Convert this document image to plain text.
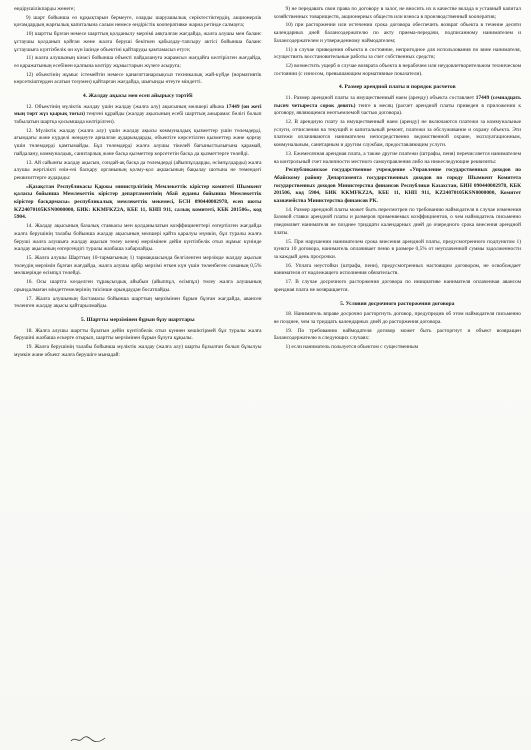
өндірушілікпарды жөнеге;

9) шарт бойынша өз құқықтарын бермеуге, оларды шаруашылық серіктестіктердің, акционерлік қоғамдардың жарғылық капиталына салым немесе өндірістік кооперативке жарна ретінде салмауға;

10) шартты бұзған немесе шарттың қолданылу мерзімі аяқталған жағдайда, жалға алушы мен баланс ұстаушы қолданып қойған жөне жалға беруші бекіткен қабылдау-тапсыру актісі бойынша баланс ұстаушыға күнтізбелік он күн ішінде объектіні қайтаруды қамтамасыз етуге;

11) жалға алушының кінәсі бойынша объекті пайдалануға жарамсыз жағдайға келтірілген жағдайда, өз қаражатының есебінен қалпына келтіру жұмыстарын жүзеге асыруға;

12) объектінің жұмыс істемейтін немесе қанағаттанарлықсыз техникалық жай-күйде (нормативтік көрсеткіштерден асатын тозумен) қайтарған жағдайда, шығынды өтеуге міндетті.

4. Жалдау ақысы мен есеп айырысу тәртібі

12. Объектінің мүліктік жалдау үшін жалдау (жалға алу) ақысының мөлшері айына 17449 (он жеті мың төрт жүз қырық тоғыз) теңгені құрайды (жалдау ақысының есебі шарттың ажырамас бөлігі болып табылатын шартқа қосымшада келтірілген).

12. Мүліктік жалдау (жалға алу) үшін жалдау ақысы коммуналдық қызметтер үшін төлемдерді, ағымдағы және күрделі жөндеуге арналған аударымдарды, объектіге көрсетілген қызметтер және қорғау үшін төлемдерді қамтымайды. Бұл төлемдерді жалға алушы тікелей бағыныстылығына қарамай, пайдалану, коммуналдық, санитарлық және басқа қызметтер көрсететін басқа да қызметтерге төлейді.

13. Ай сайынғы жалдау ақысын, сондай-ақ басқа да төлемдерді (айыппұлдарды, өсімпұлдарды) жалға алушы жергілікті өзін-өзі басқару органының қолму-қол ақшасының бақылау шотына не төмендегі реквизиттерге аударады:

«Қазақстан Республикасы Қаржы министрлігінің Мемлекеттік кірістер комитеті Шымкент қаласы бойынша Мемлекеттік кірістер департаментінің Абай ауданы бойынша Мемлекеттік кірістер басқармасы» республикалық мемлекеттік мекемесі, БСН 090440002978, есеп шоты KZ24070105KSN0000000, БИК: KKMFKZ2A, КБЕ 11, КНП 911, салық комитеті, КБК 201506», код 5904.

14. Жалдау ақысының базалық ставкасы мен қолданылатын коэффициенттері өзгертілген жағдайда жалға берушінің талабы бойынша жалдау ақысының мөлшері қайта қаралуы мүмкін, бұл туралы жалға беруші жалға алушыға жалдау ақысын төлеу кезеңі мерзімінен дейін күнтізбелік отыз жұмыс күнінде жалдау ақысының өзгергендігі туралы жазбаша хабарлайды.

15. Жалға алушы Шарттың 10-тармағының 1) тармақшасында белгіленген мерзімде жалдау ақысын төлеудің мерзімін бұзған жағдайда, жалға алушы әрбір мерзімі өткен күн үшін төленбеген соманың 0,5% мөлшерінде өсімпұл төлейді.

16. Осы шартта көзделген тұрақсыздық айыбын (айыппұл, өсімпұл) төлеу жалға алушының орындалмаған міндеттемелерінің тиісінше орындаудан босатпайды.

17. Жалға алушының бастамасы бойынша шарттың мерзімінен бұрын бұзған жағдайда, авансен төленген жалдау ақысы қайтарылмайды.

5. Шартты мерзімінен бұрын бұзу шарттары

18. Жалға алушы шартты бұзатын дейін күнтізбелік отыз күннен кешіктірмей бұл туралы жалға берушіні жазбаша ескерте отырып, шартты мерзімінен бұрын бұзуға құқылы.

19. Жалға берушінің талабы бойынша мүліктік жалдау (жалға алу) шарты бұзылған болып бұзылуы мүмкін және объект жалға берушіге мынадай:

9) не передавать свои права по договору в залог, не вносить их в качестве вклада в уставный капитал хозяйственных товариществ, акционерных обществ или взноса в производственный кооператив;

10) при расторжении или истечении срока договора обеспечить возврат объекта в течение десяти календарных дней балансодержателю по акту приема-передачи, подписанному нанимателем и балансодержателем и утвержденному наймодателем;

11) в случае приведения объекта в состояние, непригодное для использования по вине нанимателя, осуществить восстановительные работы за счет собственных средств;

12) возместить ущерб в случае возврата объекта в нерабочем или неудовлетворительном техническом состоянии (с износом, превышающим нормативные показатели).

4. Размер арендной платы и порядок расчетов

11. Размер арендной платы за имущественный наем (аренду) объекта составляет 17449 (семнадцать тысяч четыреста сорок девять) тенге в месяц (расчет арендной платы приведен в приложении к договору, являющемся неотъемлемой частью договора).

12. В арендную плату за имущественный наем (аренду) не включаются платежи за коммунальные услуги, отчисления на текущий и капитальный ремонт, платежи за обслуживание и охрану объекта. Эти платежи оплачиваются нанимателем непосредственно ведомственной охране, эксплуатационным, коммунальным, санитарным и другим службам, предоставляющим услуги.

13. Ежемесячная арендная плата, а также другие платежи (штрафы, пеня) перечисляется нанимателем на контрольный счет наличности местного самоуправления либо на нижеследующие реквизиты:

Республиканское государственное учреждение «Управление государственных доходов по Абайскому району Департамента государственных доходов по городу Шымкент Комитета государственных доходов Министерства финансов Республики Казахстан, БИН 090440002978, КБК 201506, код 5904, БИК KKMFKZ2A, КБЕ 11, КНП 911, KZ24070105KSN0000000, Комитет казначейства Министерства финансов РК.

14. Размер арендной платы может быть пересмотрен по требованию наймодателя в случае изменения базовой ставки арендной платы и размеров применяемых коэффициентов, о чем наймодатель письменно уведомляет нанимателя не позднее тридцати календарных дней до очередного срока внесения арендной платы.

15. При нарушении нанимателем срока внесения арендной платы, предусмотренного подпунктом 1) пункта 10 договора, наниматель оплачивает пеню в размере 0,5% от неуплаченной суммы задолженности за каждый день просрочки.

16. Уплата неустойки (штрафа, пени), предусмотренных настоящим договором, не освобождает нанимателя от надлежащего исполнения обязательств.

17. В случае досрочного расторжения договора по инициативе нанимателя оплаченная авансом арендная плата не возвращается.

5. Условия досрочного расторжения договора

18. Наниматель вправе досрочно расторгнуть договор, предупредив об этом наймодателя письменно не позднее, чем за тридцать календарных дней до расторжения договора.

19. По требованию наймодателя договор может быть расторгнут и объект возвращен балансодержателю в следующих случаях:

1) если наниматель пользуется объектом с существенным
